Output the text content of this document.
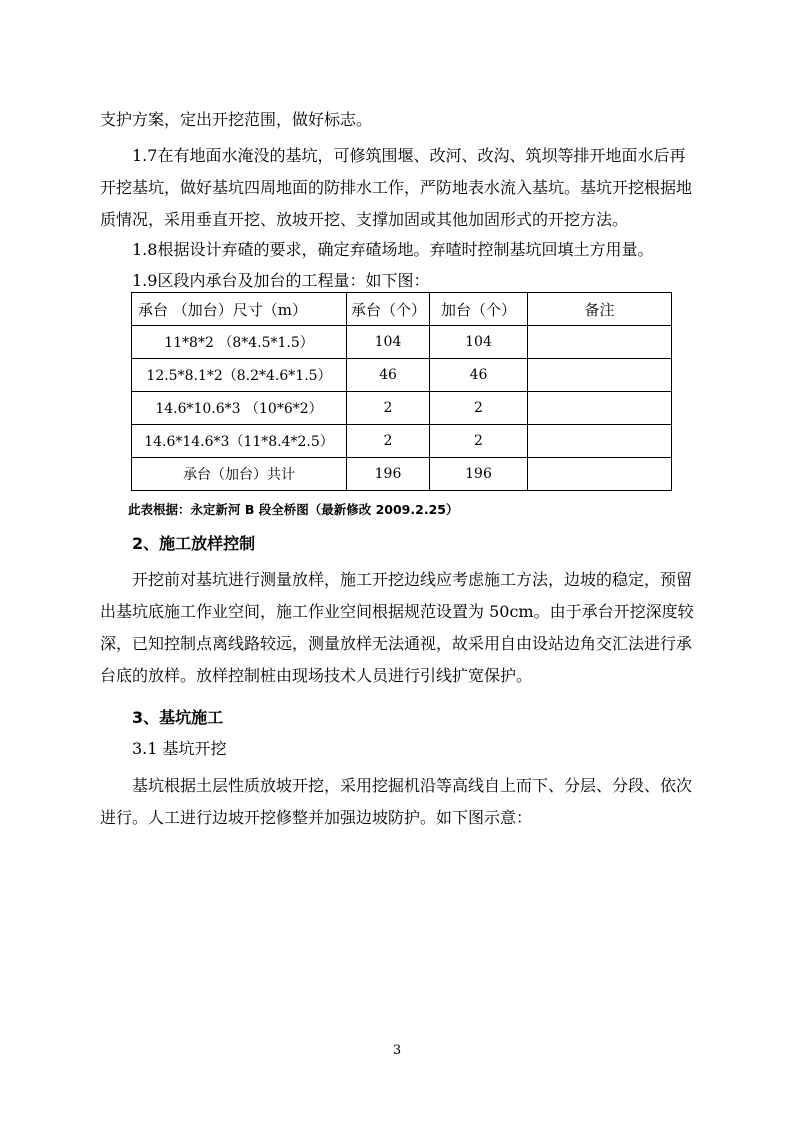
支护方案，定出开挖范围，做好标志。
1.7在有地面水淹没的基坑，可修筑围堰、改河、改沟、筑坝等排开地面水后再开挖基坑，做好基坑四周地面的防排水工作，严防地表水流入基坑。基坑开挖根据地质情况，采用垂直开挖、放坡开挖、支撑加固或其他加固形式的开挖方法。
1.8根据设计弃碴的要求，确定弃碴场地。弃喳时控制基坑回填土方用量。
1.9区段内承台及加台的工程量：如下图：
承台 （加台）尺寸（m）	承台（个）	加台（个）	备注
11*8*2 （8*4.5*1.5）	104	104	
12.5*8.1*2（8.2*4.6*1.5）	46	46	
14.6*10.6*3 （10*6*2）	2	2	
14.6*14.6*3（11*8.4*2.5）	2	2	
承台（加台）共计	196	196	
此表根据：永定新河 B 段全桥图（最新修改 2009.2.25）
2、施工放样控制
开挖前对基坑进行测量放样，施工开挖边线应考虑施工方法，边坡的稳定，预留出基坑底施工作业空间，施工作业空间根据规范设置为 50cm。由于承台开挖深度较深，已知控制点离线路较远，测量放样无法通视，故采用自由设站边角交汇法进行承台底的放样。放样控制桩由现场技术人员进行引线扩宽保护。
3、基坑施工
3.1 基坑开挖
基坑根据土层性质放坡开挖，采用挖掘机沿等高线自上而下、分层、分段、依次进行。人工进行边坡开挖修整并加强边坡防护。如下图示意：
3
